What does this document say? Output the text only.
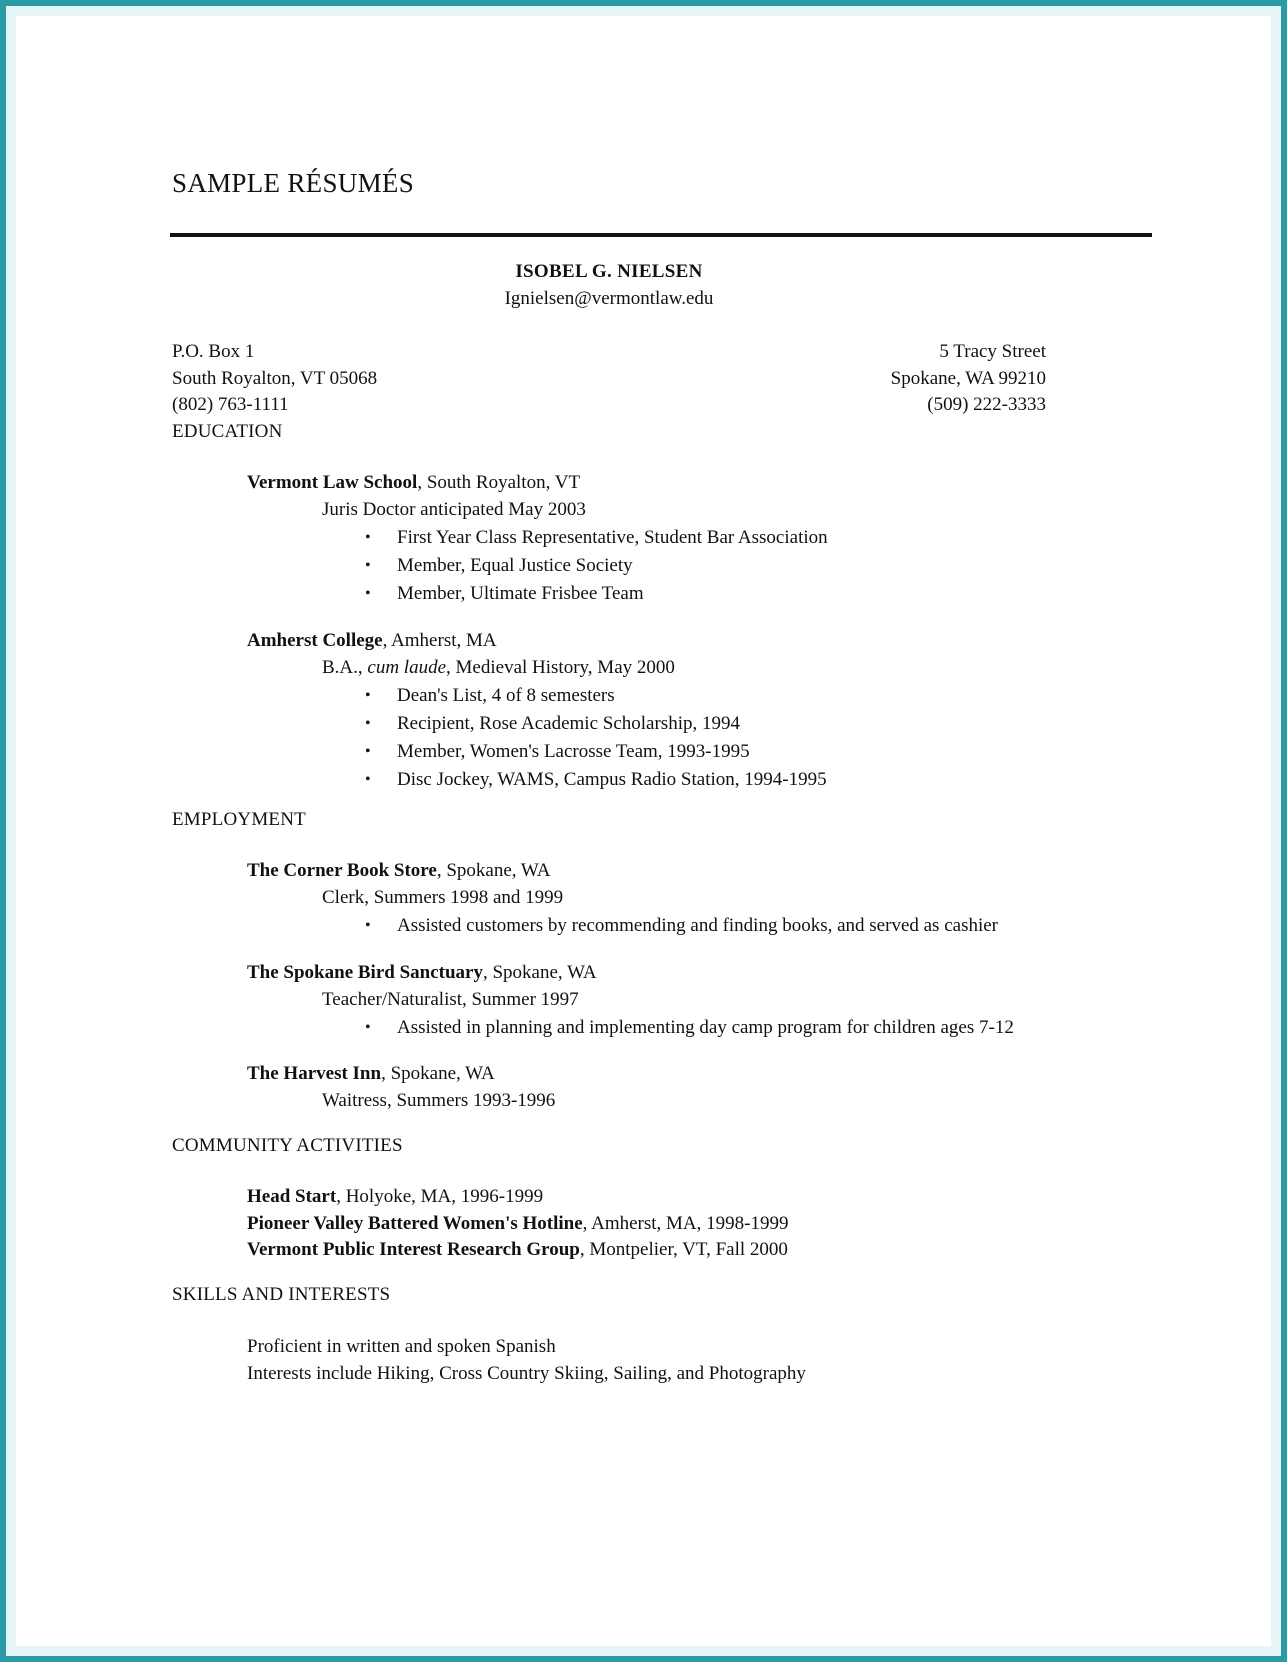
SAMPLE RÉSUMÉS
ISOBEL G. NIELSEN
Ignielsen@vermontlaw.edu
P.O. Box 1
South Royalton, VT 05068
(802) 763-1111
5 Tracy Street
Spokane, WA 99210
(509) 222-3333
EDUCATION
Vermont Law School, South Royalton, VT
Juris Doctor anticipated May 2003
• First Year Class Representative, Student Bar Association
• Member, Equal Justice Society
• Member, Ultimate Frisbee Team
Amherst College, Amherst, MA
B.A., cum laude, Medieval History, May 2000
• Dean's List, 4 of 8 semesters
• Recipient, Rose Academic Scholarship, 1994
• Member, Women's Lacrosse Team, 1993-1995
• Disc Jockey, WAMS, Campus Radio Station, 1994-1995
EMPLOYMENT
The Corner Book Store, Spokane, WA
Clerk, Summers 1998 and 1999
• Assisted customers by recommending and finding books, and served as cashier
The Spokane Bird Sanctuary, Spokane, WA
Teacher/Naturalist, Summer 1997
• Assisted in planning and implementing day camp program for children ages 7-12
The Harvest Inn, Spokane, WA
Waitress, Summers 1993-1996
COMMUNITY ACTIVITIES
Head Start, Holyoke, MA, 1996-1999
Pioneer Valley Battered Women's Hotline, Amherst, MA, 1998-1999
Vermont Public Interest Research Group, Montpelier, VT, Fall 2000
SKILLS AND INTERESTS
Proficient in written and spoken Spanish
Interests include Hiking, Cross Country Skiing, Sailing, and Photography
